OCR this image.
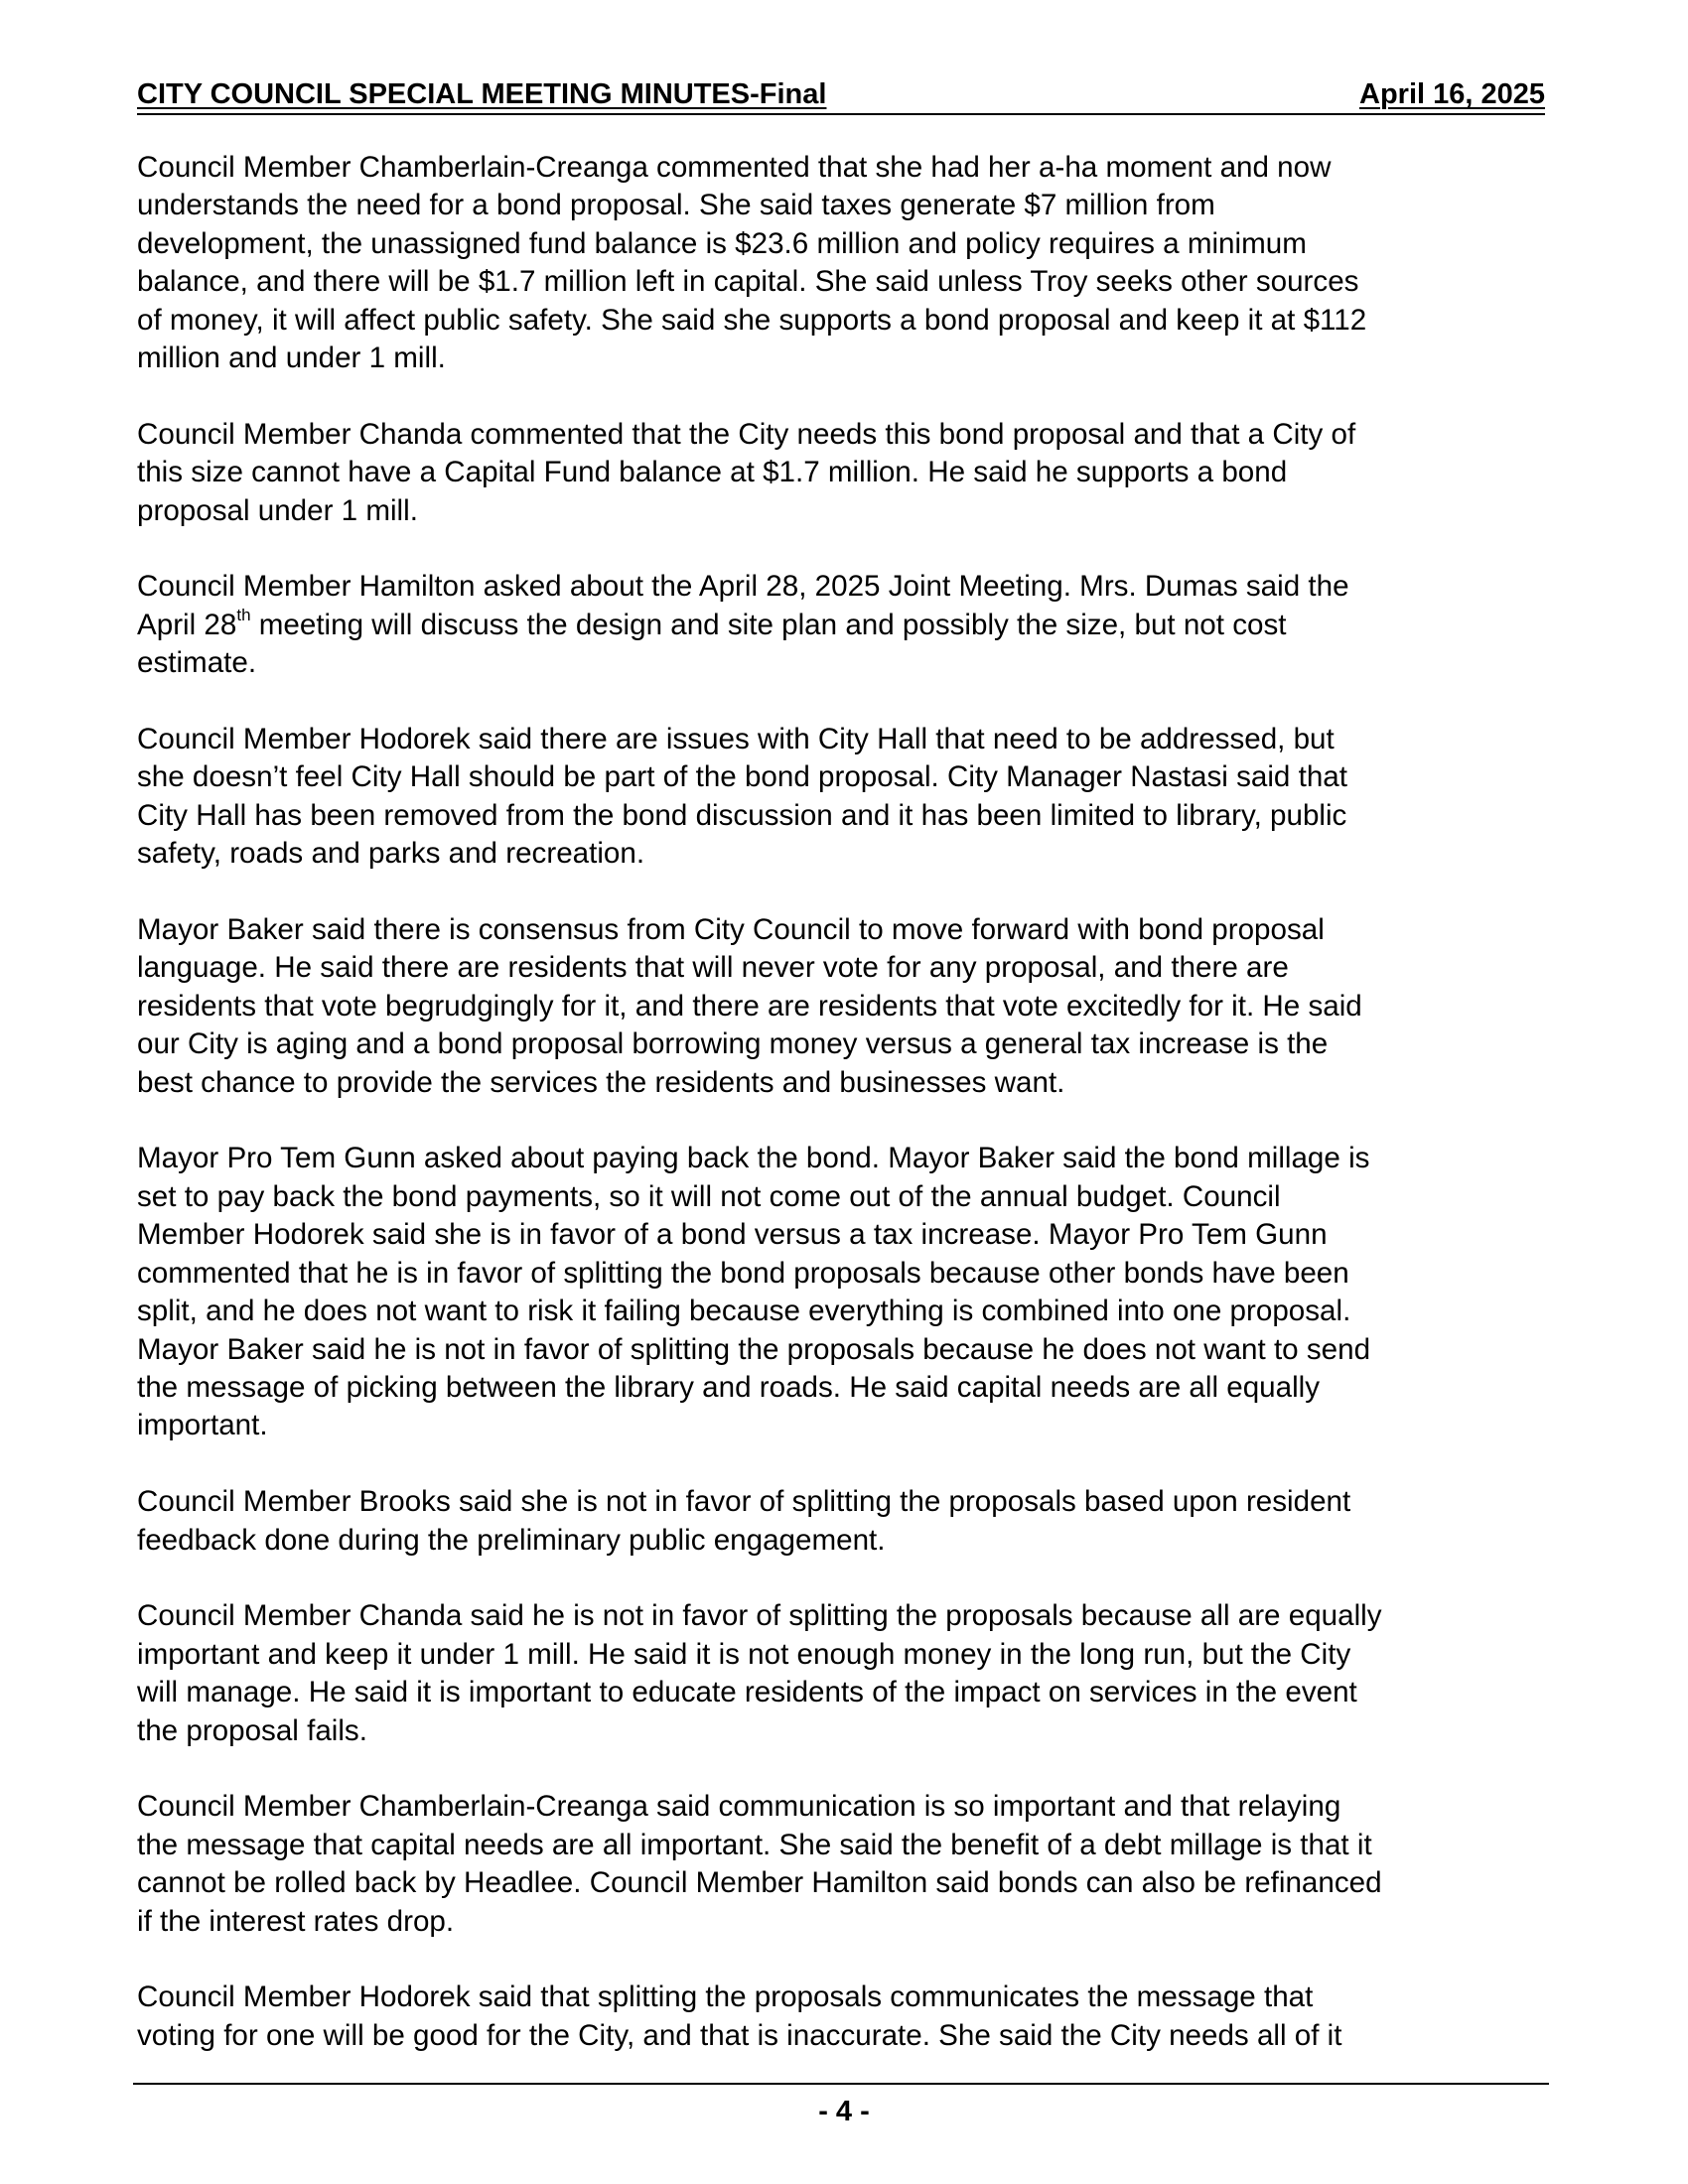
CITY COUNCIL SPECIAL MEETING MINUTES-Final	April 16, 2025

Council Member Chamberlain-Creanga commented that she had her a-ha moment and now
understands the need for a bond proposal. She said taxes generate $7 million from
development, the unassigned fund balance is $23.6 million and policy requires a minimum
balance, and there will be $1.7 million left in capital. She said unless Troy seeks other sources
of money, it will affect public safety. She said she supports a bond proposal and keep it at $112
million and under 1 mill.

Council Member Chanda commented that the City needs this bond proposal and that a City of
this size cannot have a Capital Fund balance at $1.7 million. He said he supports a bond
proposal under 1 mill.

Council Member Hamilton asked about the April 28, 2025 Joint Meeting. Mrs. Dumas said the
April 28th meeting will discuss the design and site plan and possibly the size, but not cost
estimate.

Council Member Hodorek said there are issues with City Hall that need to be addressed, but
she doesn’t feel City Hall should be part of the bond proposal. City Manager Nastasi said that
City Hall has been removed from the bond discussion and it has been limited to library, public
safety, roads and parks and recreation.

Mayor Baker said there is consensus from City Council to move forward with bond proposal
language. He said there are residents that will never vote for any proposal, and there are
residents that vote begrudgingly for it, and there are residents that vote excitedly for it. He said
our City is aging and a bond proposal borrowing money versus a general tax increase is the
best chance to provide the services the residents and businesses want.

Mayor Pro Tem Gunn asked about paying back the bond. Mayor Baker said the bond millage is
set to pay back the bond payments, so it will not come out of the annual budget. Council
Member Hodorek said she is in favor of a bond versus a tax increase. Mayor Pro Tem Gunn
commented that he is in favor of splitting the bond proposals because other bonds have been
split, and he does not want to risk it failing because everything is combined into one proposal.
Mayor Baker said he is not in favor of splitting the proposals because he does not want to send
the message of picking between the library and roads. He said capital needs are all equally
important.

Council Member Brooks said she is not in favor of splitting the proposals based upon resident
feedback done during the preliminary public engagement.

Council Member Chanda said he is not in favor of splitting the proposals because all are equally
important and keep it under 1 mill. He said it is not enough money in the long run, but the City
will manage. He said it is important to educate residents of the impact on services in the event
the proposal fails.

Council Member Chamberlain-Creanga said communication is so important and that relaying
the message that capital needs are all important. She said the benefit of a debt millage is that it
cannot be rolled back by Headlee. Council Member Hamilton said bonds can also be refinanced
if the interest rates drop.

Council Member Hodorek said that splitting the proposals communicates the message that
voting for one will be good for the City, and that is inaccurate. She said the City needs all of it

- 4 -
